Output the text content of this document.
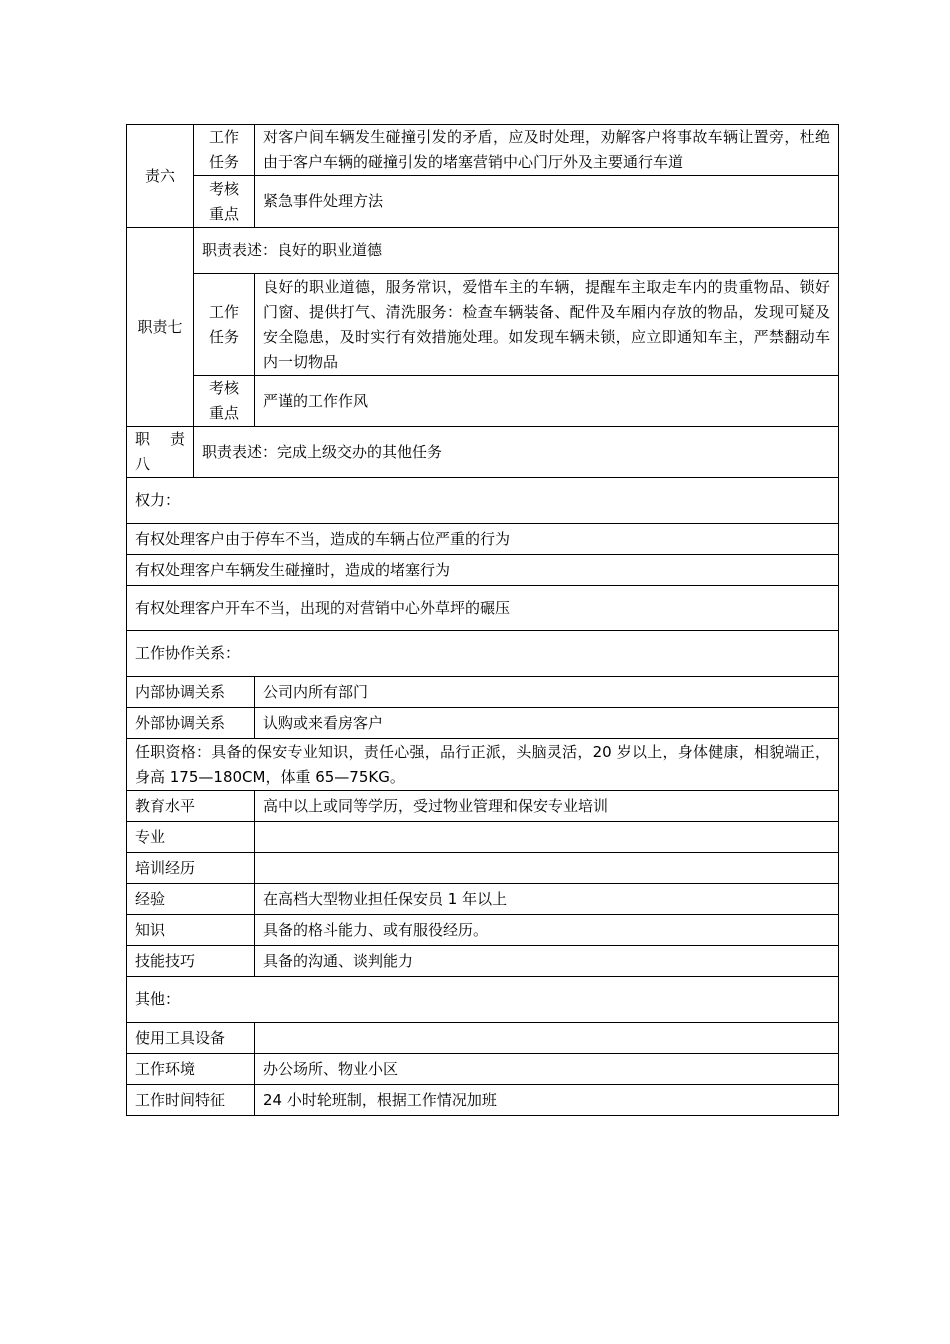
责六	工作任务	对客户间车辆发生碰撞引发的矛盾，应及时处理，劝解客户将事故车辆让置旁，杜绝由于客户车辆的碰撞引发的堵塞营销中心门厅外及主要通行车道
	考核重点	紧急事件处理方法
职责七	职责表述：良好的职业道德	
	工作任务	良好的职业道德，服务常识，爱惜车主的车辆，提醒车主取走车内的贵重物品、锁好门窗、提供打气、清洗服务：检查车辆装备、配件及车厢内存放的物品，发现可疑及安全隐患，及时实行有效措施处理。如发现车辆未锁，应立即通知车主，严禁翻动车内一切物品
	考核重点	严谨的工作作风
职 责 八	职责表述：完成上级交办的其他任务	
权力：		
有权处理客户由于停车不当，造成的车辆占位严重的行为		
有权处理客户车辆发生碰撞时，造成的堵塞行为		
有权处理客户开车不当，出现的对营销中心外草坪的碾压		
工作协作关系：		
内部协调关系		公司内所有部门
外部协调关系		认购或来看房客户
任职资格：具备的保安专业知识，责任心强，品行正派，头脑灵活，20 岁以上，身体健康，相貌端正，身高 175—180CM，体重 65—75KG。		
教育水平		高中以上或同等学历，受过物业管理和保安专业培训
专业		
培训经历		
经验		在高档大型物业担任保安员 1 年以上
知识		具备的格斗能力、或有服役经历。
技能技巧		具备的沟通、谈判能力
其他：		
使用工具设备		
工作环境		办公场所、物业小区
工作时间特征		24 小时轮班制，根据工作情况加班
